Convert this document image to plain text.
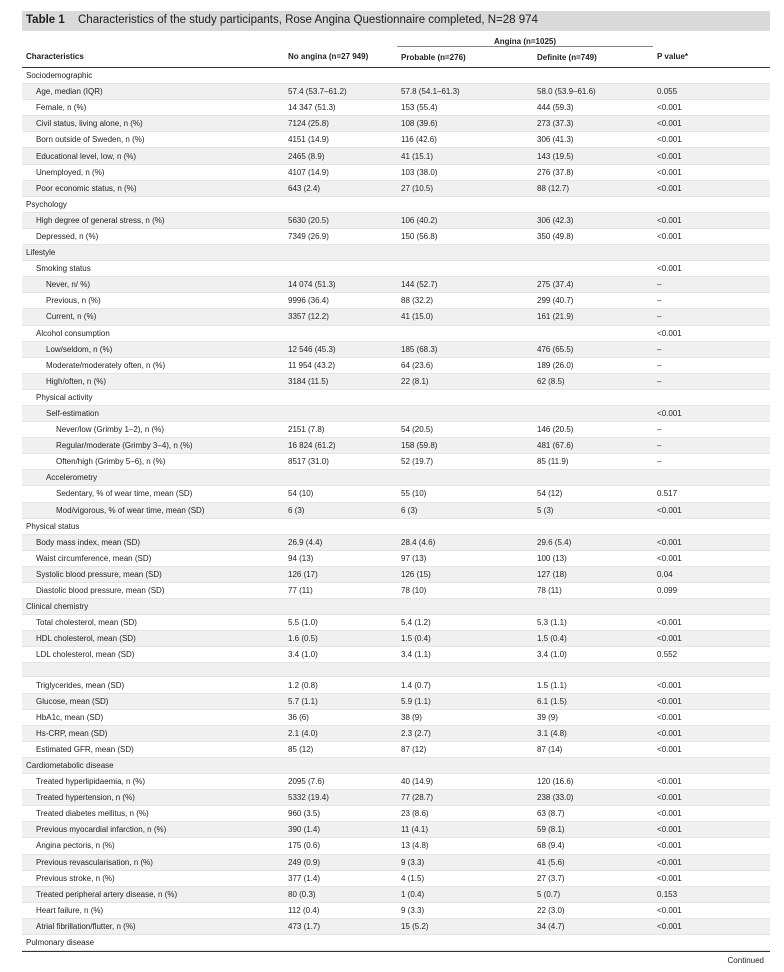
Table 1 Characteristics of the study participants, Rose Angina Questionnaire completed, N=28 974
		Angina (n=1025)		
Characteristics	No angina (n=27 949)	Probable (n=276)	Definite (n=749)	P value*
Sociodemographic				
Age, median (IQR)	57.4 (53.7–61.2)	57.8 (54.1–61.3)	58.0 (53.9–61.6)	0.055
Female, n (%)	14 347 (51.3)	153 (55.4)	444 (59.3)	<0.001
Civil status, living alone, n (%)	7124 (25.8)	108 (39.6)	273 (37.3)	<0.001
Born outside of Sweden, n (%)	4151 (14.9)	116 (42.6)	306 (41.3)	<0.001
Educational level, low, n (%)	2465 (8.9)	41 (15.1)	143 (19.5)	<0.001
Unemployed, n (%)	4107 (14.9)	103 (38.0)	276 (37.8)	<0.001
Poor economic status, n (%)	643 (2.4)	27 (10.5)	88 (12.7)	<0.001
Psychology				
High degree of general stress, n (%)	5630 (20.5)	106 (40.2)	306 (42.3)	<0.001
Depressed, n (%)	7349 (26.9)	150 (56.8)	350 (49.8)	<0.001
Lifestyle				
Smoking status				<0.001
Never, n/ %)	14 074 (51.3)	144 (52.7)	275 (37.4)	–
Previous, n (%)	9996 (36.4)	88 (32.2)	299 (40.7)	–
Current, n (%)	3357 (12.2)	41 (15.0)	161 (21.9)	–
Alcohol consumption				<0.001
Low/seldom, n (%)	12 546 (45.3)	185 (68.3)	476 (65.5)	–
Moderate/moderately often, n (%)	11 954 (43.2)	64 (23.6)	189 (26.0)	–
High/often, n (%)	3184 (11.5)	22 (8.1)	62 (8.5)	–
Physical activity				
Self-estimation				<0.001
Never/low (Grimby 1–2), n (%)	2151 (7.8)	54 (20.5)	146 (20.5)	–
Regular/moderate (Grimby 3–4), n (%)	16 824 (61.2)	158 (59.8)	481 (67.6)	–
Often/high (Grimby 5–6), n (%)	8517 (31.0)	52 (19.7)	85 (11.9)	–
Accelerometry				
Sedentary, % of wear time, mean (SD)	54 (10)	55 (10)	54 (12)	0.517
Mod/vigorous, % of wear time, mean (SD)	6 (3)	6 (3)	5 (3)	<0.001
Physical status				
Body mass index, mean (SD)	26.9 (4.4)	28.4 (4.6)	29.6 (5.4)	<0.001
Waist circumference, mean (SD)	94 (13)	97 (13)	100 (13)	<0.001
Systolic blood pressure, mean (SD)	126 (17)	126 (15)	127 (18)	0.04
Diastolic blood pressure, mean (SD)	77 (11)	78 (10)	78 (11)	0.099
Clinical chemistry				
Total cholesterol, mean (SD)	5.5 (1.0)	5.4 (1.2)	5.3 (1.1)	<0.001
HDL cholesterol, mean (SD)	1.6 (0.5)	1.5 (0.4)	1.5 (0.4)	<0.001
LDL cholesterol, mean (SD)	3.4 (1.0)	3.4 (1.1)	3.4 (1.0)	0.552

Triglycerides, mean (SD)	1.2 (0.8)	1.4 (0.7)	1.5 (1.1)	<0.001
Glucose, mean (SD)	5.7 (1.1)	5.9 (1.1)	6.1 (1.5)	<0.001
HbA1c, mean (SD)	36 (6)	38 (9)	39 (9)	<0.001
Hs-CRP, mean (SD)	2.1 (4.0)	2.3 (2.7)	3.1 (4.8)	<0.001
Estimated GFR, mean (SD)	85 (12)	87 (12)	87 (14)	<0.001
Cardiometabolic disease				
Treated hyperlipidaemia, n (%)	2095 (7.6)	40 (14.9)	120 (16.6)	<0.001
Treated hypertension, n (%)	5332 (19.4)	77 (28.7)	238 (33.0)	<0.001
Treated diabetes mellitus, n (%)	960 (3.5)	23 (8.6)	63 (8.7)	<0.001
Previous myocardial infarction, n (%)	390 (1.4)	11 (4.1)	59 (8.1)	<0.001
Angina pectoris, n (%)	175 (0.6)	13 (4.8)	68 (9.4)	<0.001
Previous revascularisation, n (%)	249 (0.9)	9 (3.3)	41 (5.6)	<0.001
Previous stroke, n (%)	377 (1.4)	4 (1.5)	27 (3.7)	<0.001
Treated peripheral artery disease, n (%)	80 (0.3)	1 (0.4)	5 (0.7)	0.153
Heart failure, n (%)	112 (0.4)	9 (3.3)	22 (3.0)	<0.001
Atrial fibrillation/flutter, n (%)	473 (1.7)	15 (5.2)	34 (4.7)	<0.001
Pulmonary disease				
Continued
